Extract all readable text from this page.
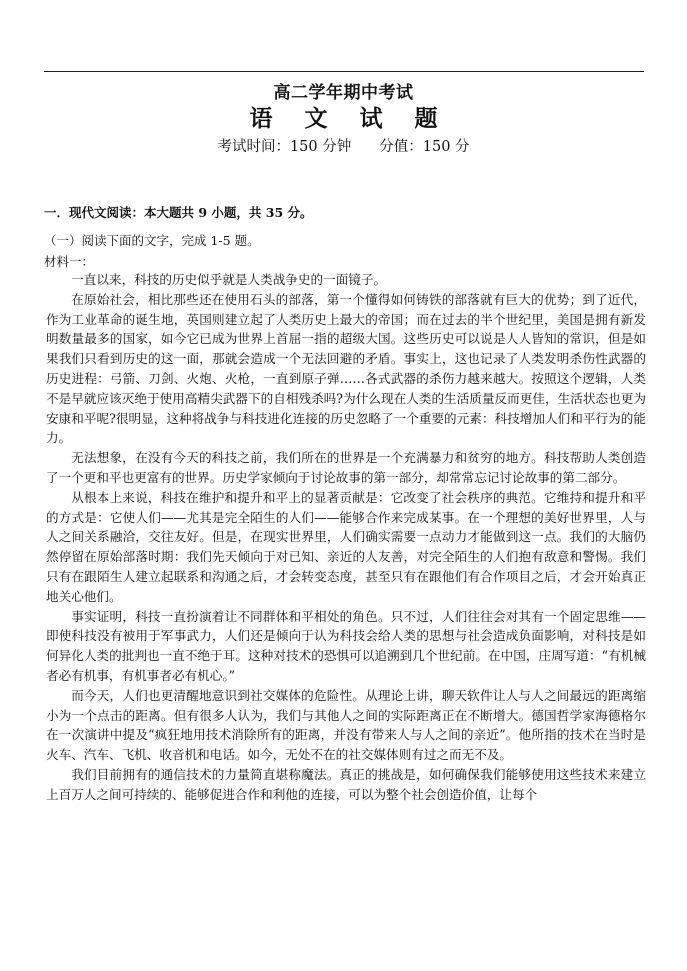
高二学年期中考试
语 文 试 题
考试时间：150 分钟 分值：150 分
一．现代文阅读：本大题共 9 小题，共 35 分。
（一）阅读下面的文字，完成 1-5 题。
材料一：

一直以来，科技的历史似乎就是人类战争史的一面镜子。

在原始社会，相比那些还在使用石头的部落，第一个懂得如何铸铁的部落就有巨大的优势；到了近代，作为工业革命的诞生地，英国则建立起了人类历史上最大的帝国；而在过去的半个世纪里，美国是拥有新发明数量最多的国家，如今它已成为世界上首屈一指的超级大国。这些历史可以说是人人皆知的常识，但是如果我们只看到历史的这一面，那就会造成一个无法回避的矛盾。事实上，这也记录了人类发明杀伤性武器的历史进程：弓箭、刀剑、火炮、火枪，一直到原子弹……各式武器的杀伤力越来越大。按照这个逻辑，人类不是早就应该灭绝于使用高精尖武器下的自相残杀吗?为什么现在人类的生活质量反而更佳，生活状态也更为安康和平呢?很明显，这种将战争与科技进化连接的历史忽略了一个重要的元素：科技增加人们和平行为的能力。

无法想象，在没有今天的科技之前，我们所在的世界是一个充满暴力和贫穷的地方。科技帮助人类创造了一个更和平也更富有的世界。历史学家倾向于讨论故事的第一部分，却常常忘记讨论故事的第二部分。

从根本上来说，科技在维护和提升和平上的显著贡献是：它改变了社会秩序的典范。它维持和提升和平的方式是：它使人们——尤其是完全陌生的人们——能够合作来完成某事。在一个理想的美好世界里，人与人之间关系融洽，交往友好。但是，在现实世界里，人们确实需要一点动力才能做到这一点。我们的大脑仍然停留在原始部落时期：我们先天倾向于对已知、亲近的人友善，对完全陌生的人们抱有敌意和警惕。我们只有在跟陌生人建立起联系和沟通之后，才会转变态度，甚至只有在跟他们有合作项目之后，才会开始真正地关心他们。

事实证明，科技一直扮演着让不同群体和平相处的角色。只不过，人们往往会对其有一个固定思维——即使科技没有被用于军事武力，人们还是倾向于认为科技会给人类的思想与社会造成负面影响，对科技是如何异化人类的批判也一直不绝于耳。这种对技术的恐惧可以追溯到几个世纪前。在中国，庄周写道：“有机械者必有机事，有机事者必有机心。”

而今天，人们也更清醒地意识到社交媒体的危险性。从理论上讲，聊天软件让人与人之间最远的距离缩小为一个点击的距离。但有很多人认为，我们与其他人之间的实际距离正在不断增大。德国哲学家海德格尔在一次演讲中提及“疯狂地用技术消除所有的距离，并没有带来人与人之间的亲近”。他所指的技术在当时是火车、汽车、飞机、收音机和电话。如今，无处不在的社交媒体则有过之而无不及。

我们目前拥有的通信技术的力量简直堪称魔法。真正的挑战是，如何确保我们能够使用这些技术来建立上百万人之间可持续的、能够促进合作和利他的连接，可以为整个社会创造价值，让每个
